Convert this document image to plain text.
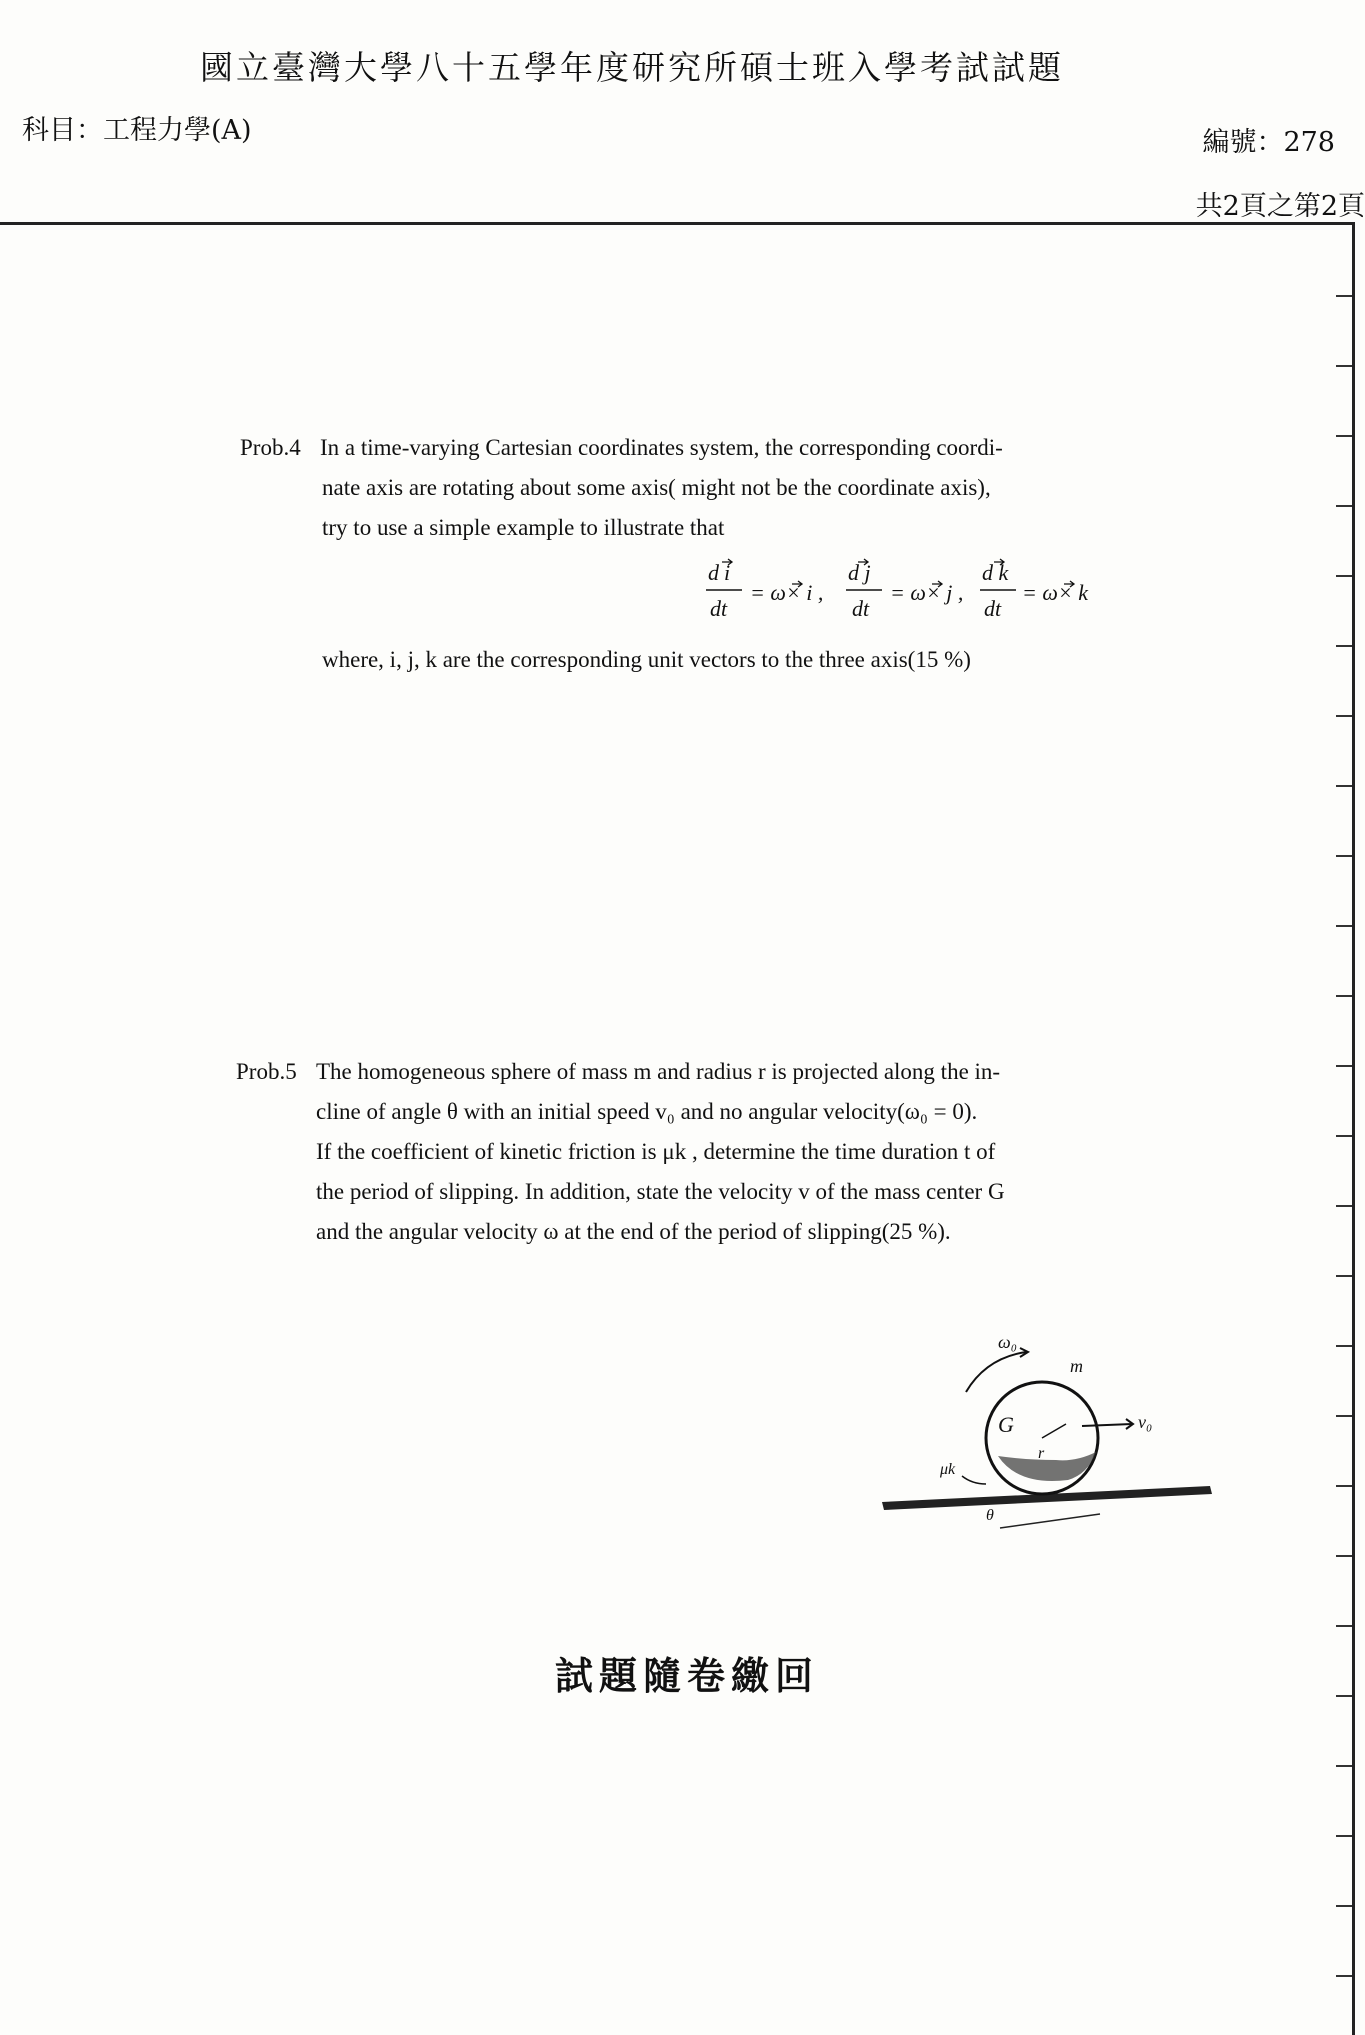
國立臺灣大學八十五學年度研究所碩士班入學考試試題
科目：工程力學(A)	編號：278
共2頁之第2頁
Prob.4 In a time-varying Cartesian coordinates system, the corresponding coordi-
nate axis are rotating about some axis( might not be the coordinate axis),
try to use a simple example to illustrate that
where, i, j, k are the corresponding unit vectors to the three axis(15 %)
d i
dt
= ω× i ,
d j
dt
= ω× j ,
d k
dt
= ω× k
Prob.5 The homogeneous sphere of mass m and radius r is projected along the in-
cline of angle θ with an initial speed v₀ and no angular velocity(ω₀ = 0).
If the coefficient of kinetic friction is μk , determine the time duration t of
the period of slipping. In addition, state the velocity v of the mass center G
and the angular velocity ω at the end of the period of slipping(25 %).
ω₀
m
G
r
v₀
μk
θ
試題隨卷繳回
